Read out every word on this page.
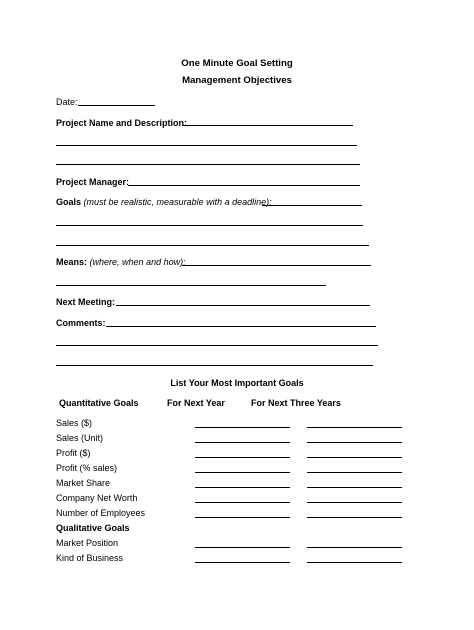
One Minute Goal Setting
Management Objectives
Date:
Project Name and Description:
Project Manager:
Goals (must be realistic, measurable with a deadline):
Means: (where, when and how):
Next Meeting:
Comments:
List Your Most Important Goals
Quantitative Goals	For Next Year	For Next Three Years
Sales ($)
Sales (Unit)
Profit ($)
Profit (% sales)
Market Share
Company Net Worth
Number of Employees
Qualitative Goals
Market Position
Kind of Business
